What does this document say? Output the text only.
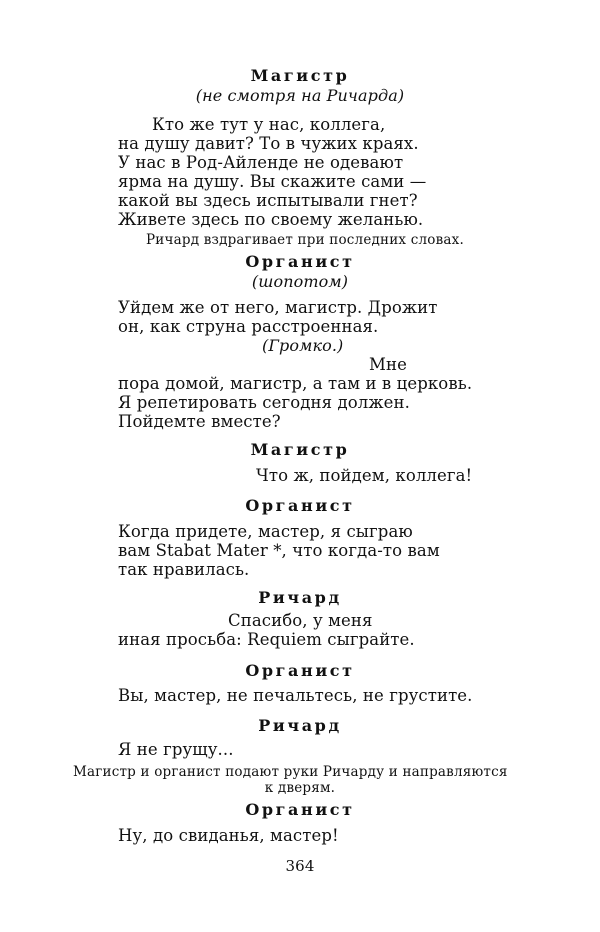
Магистр
(не смотря на Ричарда)
Кто же тут у нас, коллега,
на душу давит? То в чужих краях.
У нас в Род-Айленде не одевают
ярма на душу. Вы скажите сами —
какой вы здесь испытывали гнет?
Живете здесь по своему желанью.
Ричард вздрагивает при последних словах.
Органист
(шопотом)
Уйдем же от него, магистр. Дрожит
он, как струна расстроенная.
(Громко.)
Мне
пора домой, магистр, а там и в церковь.
Я репетировать сегодня должен.
Пойдемте вместе?
Магистр
Что ж, пойдем, коллега!
Органист
Когда придете, мастер, я сыграю
вам Stabat Mater *, что когда-то вам
так нравилась.
Ричард
Спасибо, у меня
иная просьба: Requiem сыграйте.
Органист
Вы, мастер, не печальтесь, не грустите.
Ричард
Я не грущу...
Магистр и органист подают руки Ричарду и направляются
к дверям.
Органист
Ну, до свиданья, мастер!
364
